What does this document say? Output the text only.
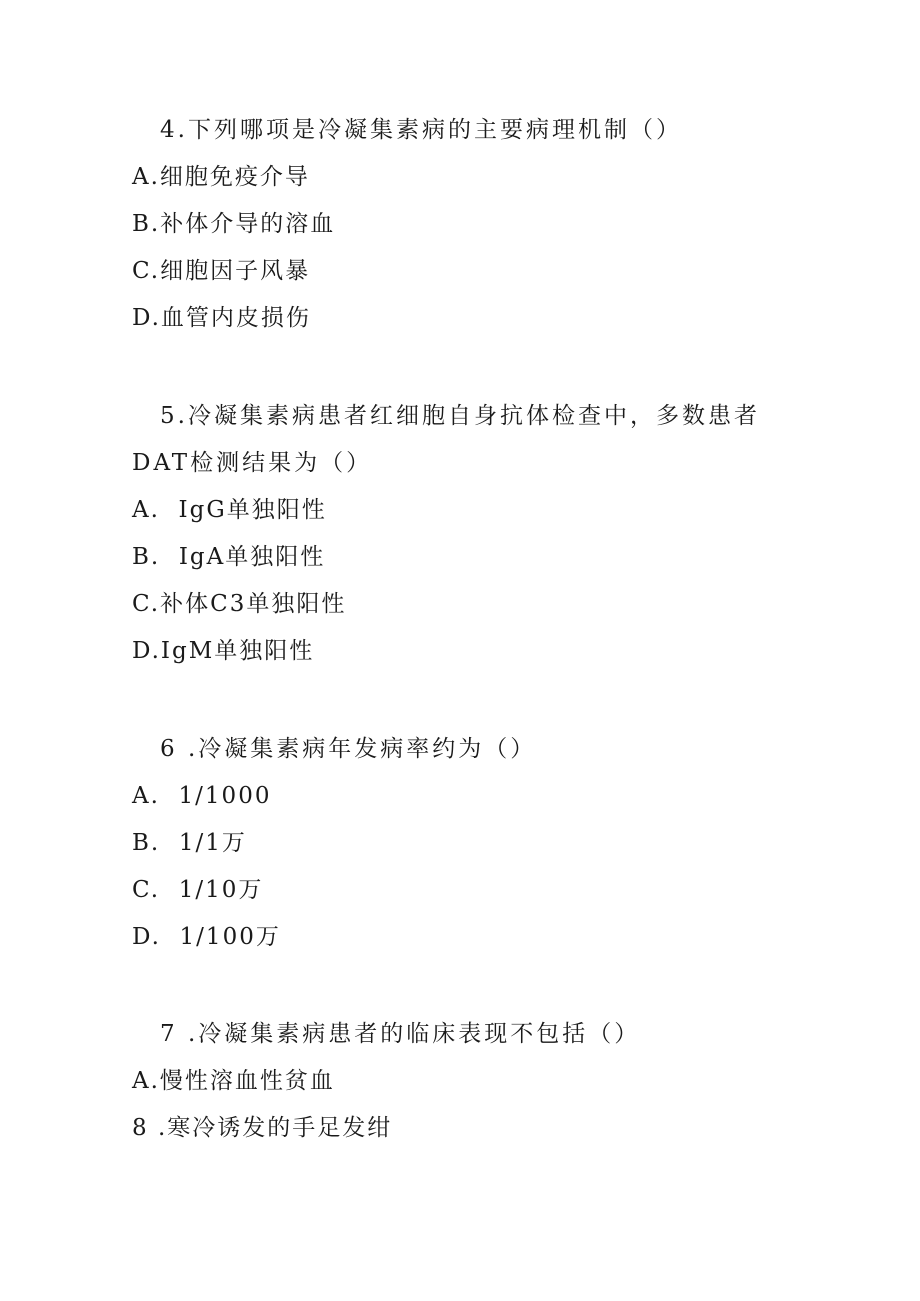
4.下列哪项是冷凝集素病的主要病理机制（）

A.细胞免疫介导

B.补体介导的溶血

C.细胞因子风暴

D.血管内皮损伤

5.冷凝集素病患者红细胞自身抗体检查中，多数患者DAT检测结果为（）

A.  IgG单独阳性

B.  IgA单独阳性

C.补体C3单独阳性

D.IgM单独阳性

6 .冷凝集素病年发病率约为（）

A.  1/1000

B.  1/1万

C.  1/10万

D.  1/100万

7 .冷凝集素病患者的临床表现不包括（）

A.慢性溶血性贫血

8 .寒冷诱发的手足发绀
